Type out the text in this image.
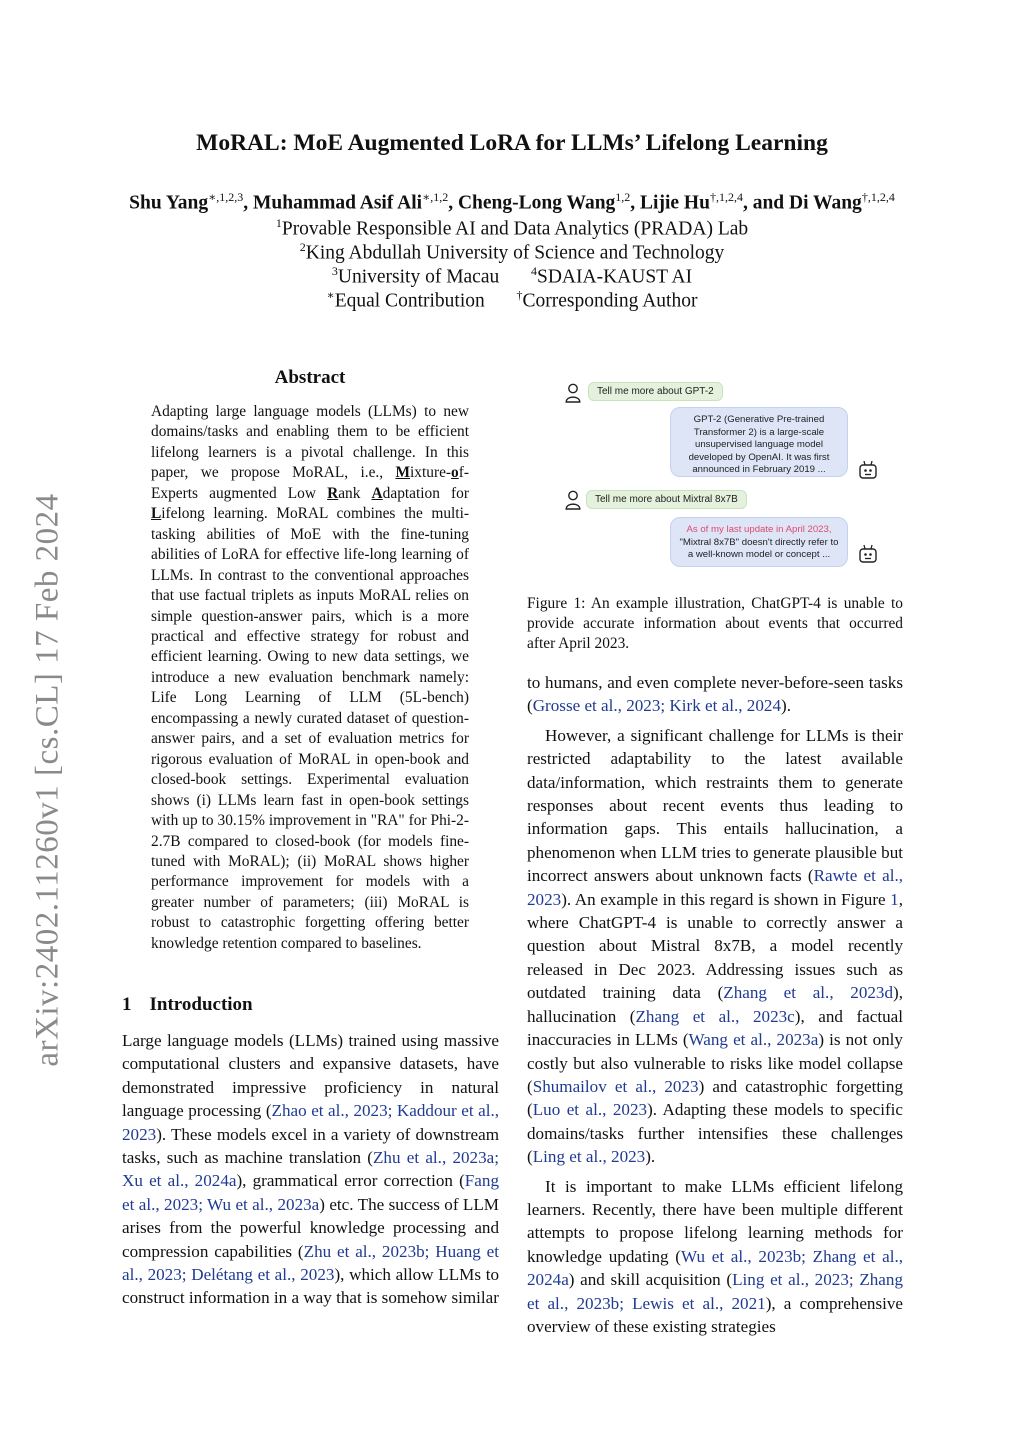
arXiv:2402.11260v1 [cs.CL] 17 Feb 2024
MoRAL: MoE Augmented LoRA for LLMs’ Lifelong Learning
Shu Yang$^{∗,1,2,3}$, Muhammad Asif Ali$^{∗,1,2}$, Cheng-Long Wang$^{1,2}$, Lijie $Hu^{\dagger,1,2,4}$, and Di Wang$^{\dagger,1,2,4}$
$^1$Provable Responsible AI and Data Analytics (PRADA) Lab
$^2$King Abdullah University of Science and Technology
$^3$University of Macau	$^4$SDAIA-KAUST AI
∗Equal Contribution	†Corresponding Author
Abstract
Adapting large language models (LLMs) to new domains/tasks and enabling them to be efficient lifelong learners is a pivotal challenge. In this paper, we propose MoRAL, i.e., Mixture-of-Experts augmented Low Rank Adaptation for Lifelong learning. MoRAL combines the multi-tasking abilities of MoE with the fine-tuning abilities of LoRA for effective life-long learning of LLMs. In contrast to the conventional approaches that use factual triplets as inputs MoRAL relies on simple question-answer pairs, which is a more practical and effective strategy for robust and efficient learning. Owing to new data settings, we introduce a new evaluation benchmark namely: Life Long Learning of LLM (5L-bench) encompassing a newly curated dataset of question-answer pairs, and a set of evaluation metrics for rigorous evaluation of MoRAL in open-book and closed-book settings. Experimental evaluation shows (i) LLMs learn fast in open-book settings with up to 30.15% improvement in "RA" for Phi-2-2.7B compared to closed-book (for models fine-tuned with MoRAL); (ii) MoRAL shows higher performance improvement for models with a greater number of parameters; (iii) MoRAL is robust to catastrophic forgetting offering better knowledge retention compared to baselines.
1 Introduction
Large language models (LLMs) trained using massive computational clusters and expansive datasets, have demonstrated impressive proficiency in natural language processing (Zhao et al., 2023; Kaddour et al., 2023). These models excel in a variety of downstream tasks, such as machine translation (Zhu et al., 2023a; Xu et al., 2024a), grammatical error correction (Fang et al., 2023; Wu et al., 2023a) etc. The success of LLM arises from the powerful knowledge processing and compression capabilities (Zhu et al., 2023b; Huang et al., 2023; Delétang et al., 2023), which allow LLMs to construct information in a way that is somehow similar
Tell me more about GPT-2
GPT-2 (Generative Pre-trained Transformer 2) is a large-scale unsupervised language model developed by OpenAI. It was first announced in February 2019 ...
Tell me more about Mixtral 8x7B
As of my last update in April 2023, "Mixtral 8x7B" doesn't directly refer to a well-known model or concept ...
Figure 1: An example illustration, ChatGPT-4 is unable to provide accurate information about events that occurred after April 2023.

to humans, and even complete never-before-seen tasks (Grosse et al., 2023; Kirk et al., 2024).

However, a significant challenge for LLMs is their restricted adaptability to the latest available data/information, which restraints them to generate responses about recent events thus leading to information gaps. This entails hallucination, a phenomenon when LLM tries to generate plausible but incorrect answers about unknown facts (Rawte et al., 2023). An example in this regard is shown in Figure 1, where ChatGPT-4 is unable to correctly answer a question about Mistral 8x7B, a model recently released in Dec 2023. Addressing issues such as outdated training data (Zhang et al., 2023d), hallucination (Zhang et al., 2023c), and factual inaccuracies in LLMs (Wang et al., 2023a) is not only costly but also vulnerable to risks like model collapse (Shumailov et al., 2023) and catastrophic forgetting (Luo et al., 2023). Adapting these models to specific domains/tasks further intensifies these challenges (Ling et al., 2023).

It is important to make LLMs efficient lifelong learners. Recently, there have been multiple different attempts to propose lifelong learning methods for knowledge updating (Wu et al., 2023b; Zhang et al., 2024a) and skill acquisition (Ling et al., 2023; Zhang et al., 2023b; Lewis et al., 2021), a comprehensive overview of these existing strategies
